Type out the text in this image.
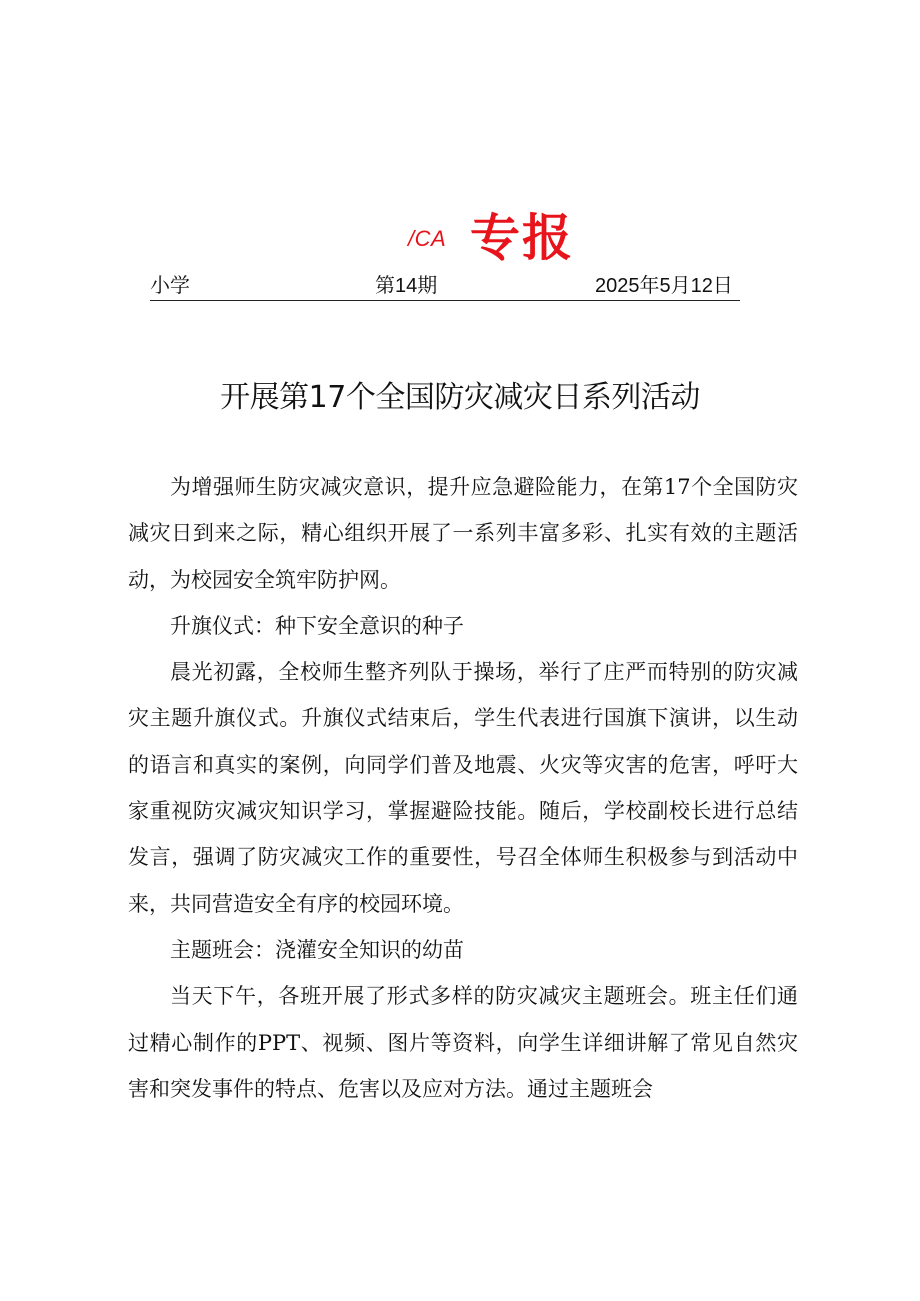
/CA 专报
小学	第14期	2025年5月12日
开展第17个全国防灾减灾日系列活动

为增强师生防灾减灾意识，提升应急避险能力，在第17个全国防灾减灾日到来之际，精心组织开展了一系列丰富多彩、扎实有效的主题活动，为校园安全筑牢防护网。

升旗仪式：种下安全意识的种子

晨光初露，全校师生整齐列队于操场，举行了庄严而特别的防灾减灾主题升旗仪式。升旗仪式结束后，学生代表进行国旗下演讲，以生动的语言和真实的案例，向同学们普及地震、火灾等灾害的危害，呼吁大家重视防灾减灾知识学习，掌握避险技能。随后，学校副校长进行总结发言，强调了防灾减灾工作的重要性，号召全体师生积极参与到活动中来，共同营造安全有序的校园环境。

主题班会：浇灌安全知识的幼苗

当天下午，各班开展了形式多样的防灾减灾主题班会。班主任们通过精心制作的PPT、视频、图片等资料，向学生详细讲解了常见自然灾害和突发事件的特点、危害以及应对方法。通过主题班会
